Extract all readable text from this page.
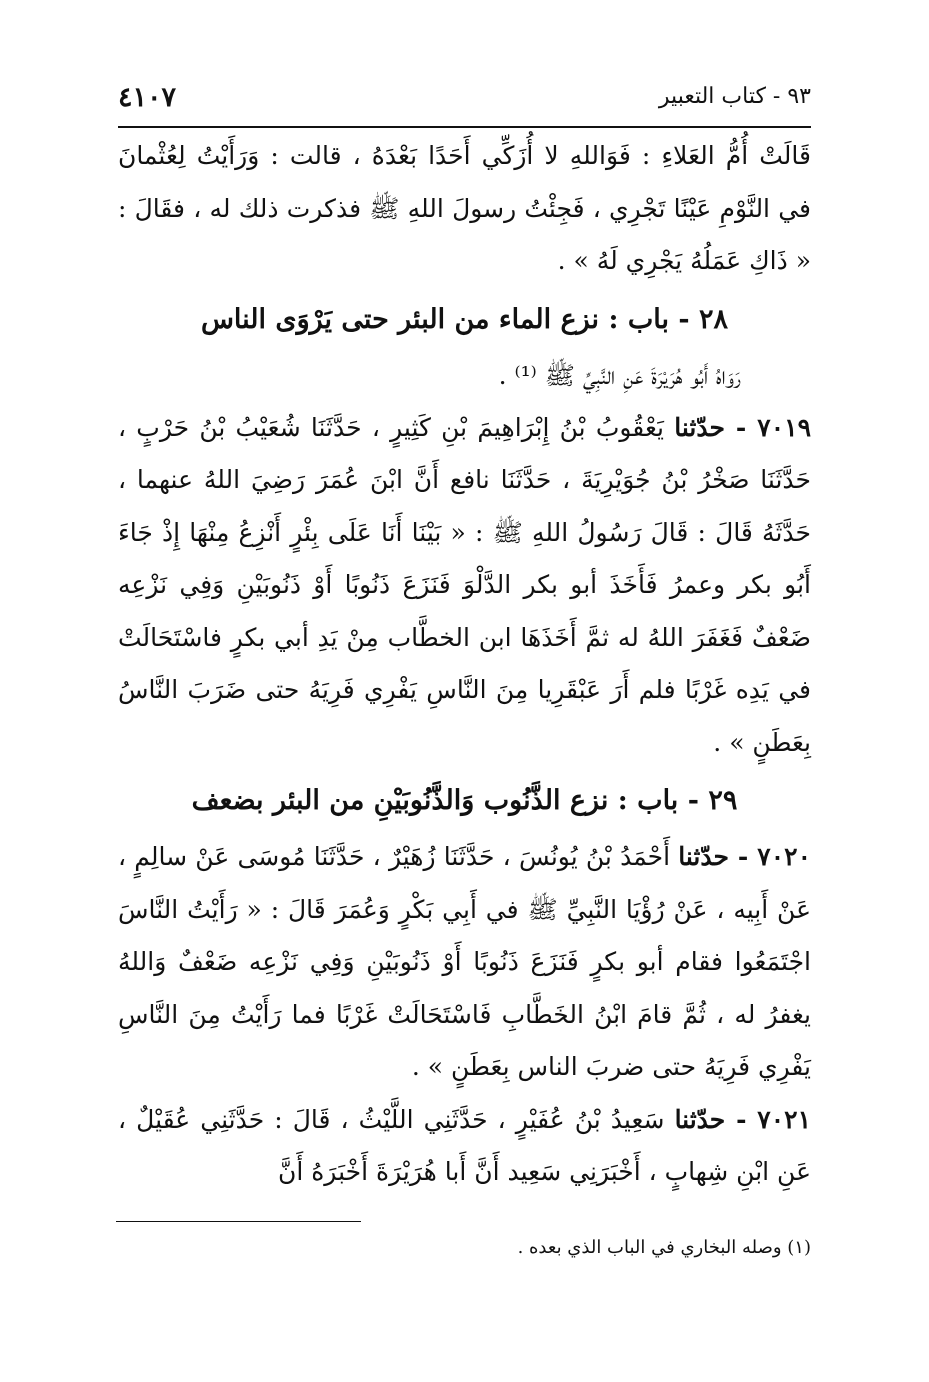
٩٣ - كتاب التعبير
٤١٠٧

قَالَتْ أُمُّ العَلاءِ : فَوَاللهِ لا أُزَكِّي أَحَدًا بَعْدَهُ ، قالت : وَرَأَيْتُ لِعُثْمانَ في النَّوْمِ عَيْنًا تَجْرِي ، فَجِئْتُ رسولَ اللهِ ﷺ فذكرت ذلك له ، فقَالَ : « ذَاكِ عَمَلُهُ يَجْرِي لَهُ » .

٢٨ - باب : نزع الماء من البئر حتى يَرْوَى الناس

رَوَاهُ أَبُو هُرَيْرَةَ عَنِ النَّبِيِّ ﷺ ⁽¹⁾ .

٧٠١٩ - حدّثنا يَعْقُوبُ بْنُ إِبْرَاهِيمَ بْنِ كَثِيرٍ ، حَدَّثَنَا شُعَيْبُ بْنُ حَرْبٍ ، حَدَّثَنَا صَخْرُ بْنُ جُوَيْرِيَةَ ، حَدَّثَنَا نافع أَنَّ ابْنَ عُمَرَ رَضِيَ اللهُ عنهما ، حَدَّثَهُ قَالَ : قَالَ رَسُولُ اللهِ ﷺ : « بَيْنَا أَنَا عَلَى بِئْرٍ أَنْزِعُ مِنْهَا إِذْ جَاءَ أَبُو بكر وعمرُ فَأَخَذَ أبو بكر الدَّلْوَ فَنَزَعَ ذَنُوبًا أَوْ ذَنُوبَيْنِ وَفِي نَزْعِه ضَعْفٌ فَغَفَرَ اللهُ له ثمَّ أَخَذَهَا ابن الخطَّاب مِنْ يَدِ أبي بكرٍ فاسْتَحَالَتْ في يَدِه غَرْبًا فلم أَرَ عَبْقَرِيا مِنَ النَّاسِ يَفْرِي فَرِيَهُ حتى ضَرَبَ النَّاسُ بِعَطَنٍ » .

٢٩ - باب : نزع الذَّنُوب وَالذَّنُوبَيْنِ من البئر بضعف

٧٠٢٠ - حدّثنا أَحْمَدُ بْنُ يُونُسَ ، حَدَّثَنَا زُهَيْرٌ ، حَدَّثَنَا مُوسَى عَنْ سالِمٍ ، عَنْ أَبِيه ، عَنْ رُؤْيَا النَّبِيِّ ﷺ في أَبِي بَكْرٍ وَعُمَرَ قَالَ : « رَأَيْتُ النَّاسَ اجْتَمَعُوا فقام أبو بكرٍ فَنَزَعَ ذَنُوبًا أَوْ ذَنُوبَيْنِ وَفِي نَزْعِه ضَعْفٌ وَاللهُ يغفرُ له ، ثُمَّ قامَ ابْنُ الخَطَّابِ فَاسْتَحَالَتْ غَرْبًا فما رَأَيْتُ مِنَ النَّاسِ يَفْرِي فَرِيَهُ حتى ضربَ الناس بِعَطَنٍ » .

٧٠٢١ - حدّثنا سَعِيدُ بْنُ عُفَيْرٍ ، حَدَّثَنِي اللَّيْثُ ، قَالَ : حَدَّثَنِي عُقَيْلٌ ، عَنِ ابْنِ شِهابٍ ، أَخْبَرَنِي سَعِيد أَنَّ أَبا هُرَيْرَةَ أَخْبَرَهُ أَنَّ

(١) وصله البخاري في الباب الذي بعده .
